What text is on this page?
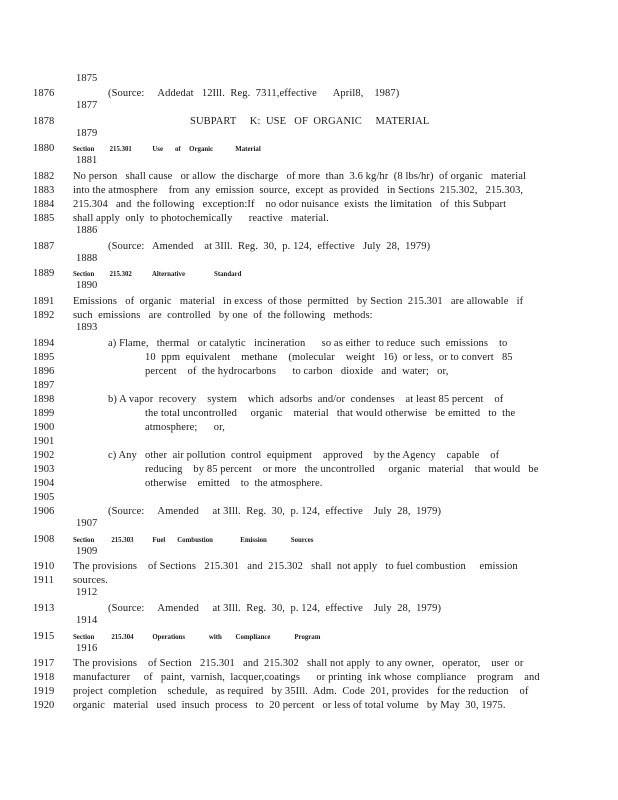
1875
1876	(Source:     Addedat   12Ill.  Reg.  7311,effective      April8,    1987)
1877
1878	SUBPART     K:  USE   OF  ORGANIC     MATERIAL
1879
1880 Section         215.301            Use       of     Organic             Material
1881
1882 No person   shall cause   or allow  the discharge   of more  than  3.6 kg/hr  (8 lbs/hr)  of organic   material
1883 into the atmosphere    from  any  emission  source,  except  as provided   in Sections  215.302,   215.303,
1884 215.304   and  the following   exception:If    no odor nuisance  exists  the limitation   of  this Subpart
1885 shall apply  only  to photochemically      reactive   material.
1886
1887	(Source:   Amended    at 3Ill.  Reg.  30,  p. 124,  effective   July  28,  1979)
1888
1889 Section         215.302            Alternative                 Standard
1890
1891 Emissions   of  organic   material   in excess  of those  permitted   by Section  215.301   are allowable   if
1892 such  emissions   are  controlled   by one  of  the following   methods:
1893
1894	a) Flame,   thermal   or catalytic   incineration      so as either  to reduce  such  emissions    to
1895	10  ppm  equivalent    methane    (molecular    weight   16)  or less,  or to convert   85
1896	percent    of  the hydrocarbons      to carbon   dioxide   and  water;   or,
1897
1898	b) A vapor  recovery    system    which  adsorbs  and/or  condenses    at least 85 percent    of
1899	the total uncontrolled     organic    material   that would otherwise   be emitted   to  the
1900	atmosphere;      or,
1901
1902	c) Any   other  air pollution  control  equipment    approved    by the Agency    capable    of
1903	reducing    by 85 percent    or more   the uncontrolled     organic   material    that would   be
1904	otherwise    emitted    to  the atmosphere.
1905
1906	(Source:     Amended     at 3Ill.  Reg.  30,  p. 124,  effective    July  28,  1979)
1907
1908 Section          215.303           Fuel       Combustion                Emission              Sources
1909
1910 The provisions    of Sections   215.301   and  215.302   shall  not apply   to fuel combustion     emission
1911 sources.
1912
1913	(Source:     Amended     at 3Ill.  Reg.  30,  p. 124,  effective    July  28,  1979)
1914
1915 Section          215.304           Operations              with        Compliance              Program
1916
1917 The provisions    of Section   215.301   and  215.302   shall not apply  to any owner,   operator,    user  or
1918 manufacturer     of   paint,  varnish,  lacquer,coatings      or printing  ink whose  compliance    program    and
1919 project  completion    schedule,   as required   by 35Ill.  Adm.  Code  201, provides   for the reduction    of
1920 organic   material   used  insuch  process   to  20 percent   or less of total volume   by May  30, 1975.
